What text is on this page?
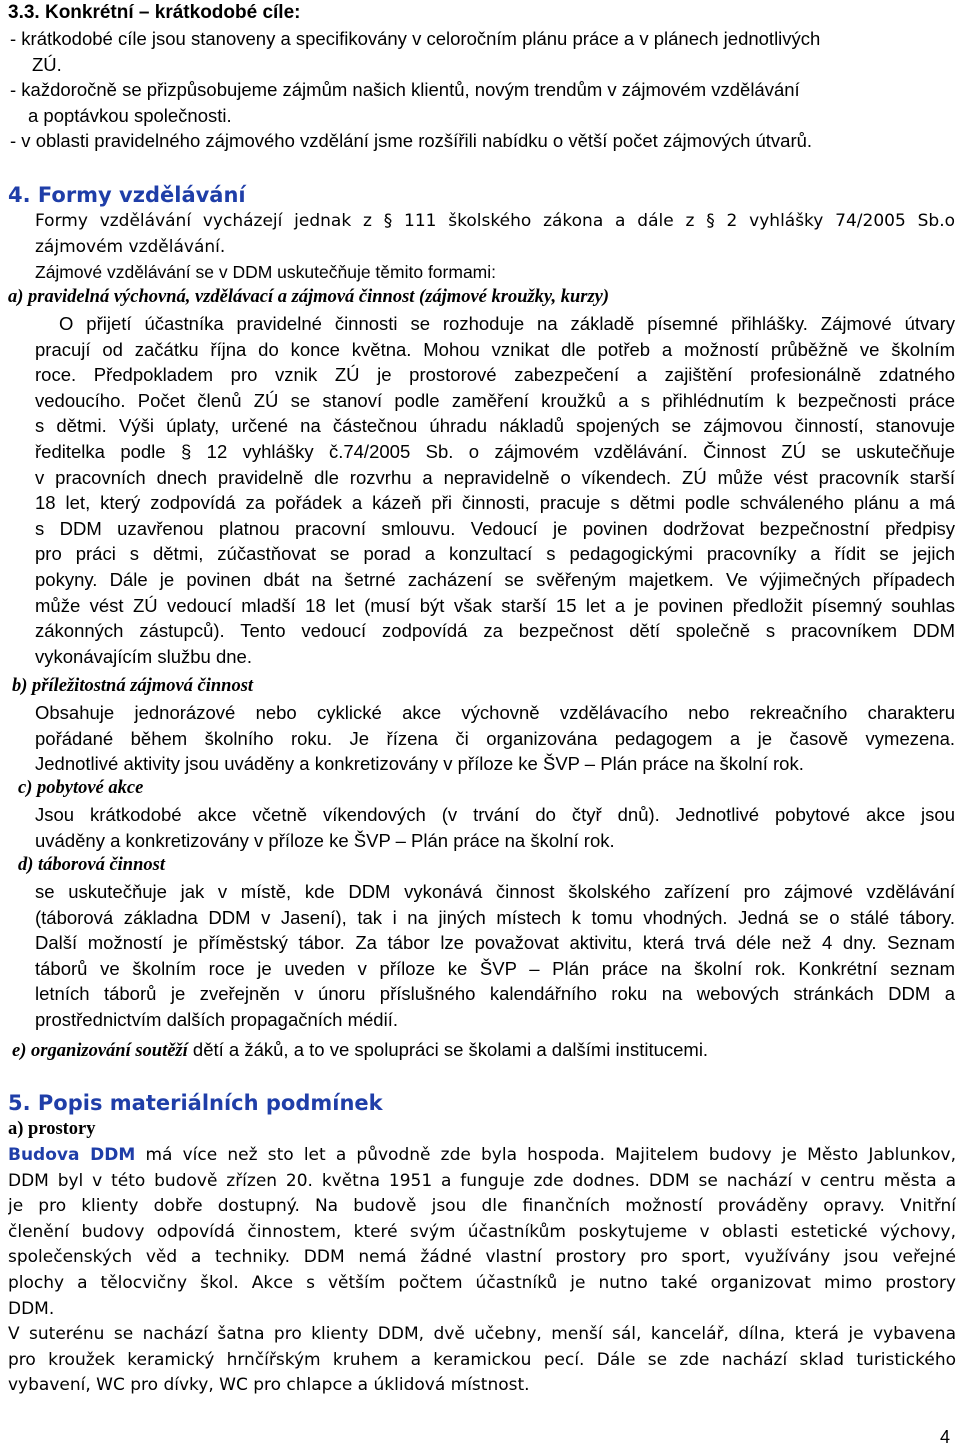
3.3. Konkrétní – krátkodobé cíle:
- krátkodobé cíle jsou stanoveny a specifikovány v celoročním plánu práce a v plánech jednotlivých
ZÚ.
- každoročně se přizpůsobujeme zájmům našich klientů, novým trendům v zájmovém vzdělávání
a poptávkou společnosti.
- v oblasti pravidelného zájmového vzdělání jsme rozšířili nabídku o větší počet zájmových útvarů.
4. Formy vzdělávání
Formy vzdělávání vycházejí jednak z § 111 školského zákona a dále z § 2 vyhlášky 74/2005 Sb.o
zájmovém vzdělávání.
Zájmové vzdělávání se v DDM uskutečňuje těmito formami:
a) pravidelná výchovná, vzdělávací a zájmová činnost (zájmové kroužky, kurzy)
O přijetí účastníka pravidelné činnosti se rozhoduje na základě písemné přihlášky. Zájmové útvary
pracují od začátku října do konce května. Mohou vznikat dle potřeb a možností průběžně ve školním
roce. Předpokladem pro vznik ZÚ je prostorové zabezpečení a zajištění profesionálně zdatného
vedoucího. Počet členů ZÚ se stanoví podle zaměření kroužků a s přihlédnutím k bezpečnosti práce
s dětmi. Výši úplaty, určené na částečnou úhradu nákladů spojených se zájmovou činností, stanovuje
ředitelka podle § 12 vyhlášky č.74/2005 Sb. o zájmovém vzdělávání. Činnost ZÚ se uskutečňuje
v pracovních dnech pravidelně dle rozvrhu a nepravidelně o víkendech. ZÚ může vést pracovník starší
18 let, který zodpovídá za pořádek a kázeň při činnosti, pracuje s dětmi podle schváleného plánu a má
s DDM uzavřenou platnou pracovní smlouvu. Vedoucí je povinen dodržovat bezpečnostní předpisy
pro práci s dětmi, zúčastňovat se porad a konzultací s pedagogickými pracovníky a řídit se jejich
pokyny. Dále je povinen dbát na šetrné zacházení se svěřeným majetkem. Ve výjimečných případech
může vést ZÚ vedoucí mladší 18 let (musí být však starší 15 let a je povinen předložit písemný souhlas
zákonných zástupců). Tento vedoucí zodpovídá za bezpečnost dětí společně s pracovníkem DDM
vykonávajícím službu dne.
b) příležitostná zájmová činnost
Obsahuje jednorázové nebo cyklické akce výchovně vzdělávacího nebo rekreačního charakteru
pořádané během školního roku. Je řízena či organizována pedagogem a je časově vymezena.
Jednotlivé aktivity jsou uváděny a konkretizovány v příloze ke ŠVP – Plán práce na školní rok.
c) pobytové akce
Jsou krátkodobé akce včetně víkendových (v trvání do čtyř dnů). Jednotlivé pobytové akce jsou
uváděny a konkretizovány v příloze ke ŠVP – Plán práce na školní rok.
d) táborová činnost
se uskutečňuje jak v místě, kde DDM vykonává činnost školského zařízení pro zájmové vzdělávání
(táborová základna DDM v Jasení), tak i na jiných místech k tomu vhodných. Jedná se o stálé tábory.
Další možností je příměstský tábor. Za tábor lze považovat aktivitu, která trvá déle než 4 dny. Seznam
táborů ve školním roce je uveden v příloze ke ŠVP – Plán práce na školní rok. Konkrétní seznam
letních táborů je zveřejněn v únoru příslušného kalendářního roku na webových stránkách DDM a
prostřednictvím dalších propagačních médií.
e) organizování soutěží dětí a žáků, a to ve spolupráci se školami a dalšími institucemi.
5. Popis materiálních podmínek
a) prostory
Budova DDM má více než sto let a původně zde byla hospoda. Majitelem budovy je Město Jablunkov,
DDM byl v této budově zřízen 20. května 1951 a funguje zde dodnes. DDM se nachází v centru města a
je pro klienty dobře dostupný. Na budově jsou dle finančních možností prováděny opravy. Vnitřní
členění budovy odpovídá činnostem, které svým účastníkům poskytujeme v oblasti estetické výchovy,
společenských věd a techniky. DDM nemá žádné vlastní prostory pro sport, využívány jsou veřejné
plochy a tělocvičny škol. Akce s větším počtem účastníků je nutno také organizovat mimo prostory
DDM.
V suterénu se nachází šatna pro klienty DDM, dvě učebny, menší sál, kancelář, dílna, která je vybavena
pro kroužek keramický hrnčířským kruhem a keramickou pecí. Dále se zde nachází sklad turistického
vybavení, WC pro dívky, WC pro chlapce a úklidová místnost.
4
